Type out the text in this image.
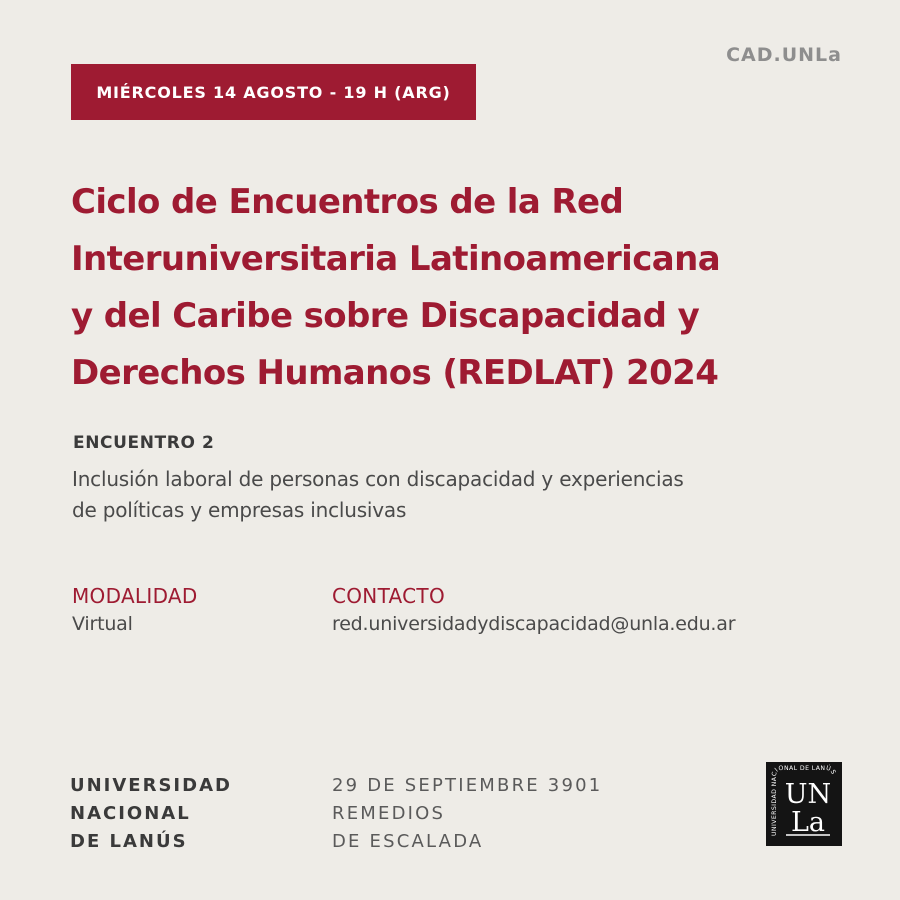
CAD.UNLa
MIÉRCOLES 14 AGOSTO - 19 H (ARG)
Ciclo de Encuentros de la Red
Interuniversitaria Latinoamericana
y del Caribe sobre Discapacidad y
Derechos Humanos (REDLAT) 2024
ENCUENTRO 2
Inclusión laboral de personas con discapacidad y experiencias
de políticas y empresas inclusivas
MODALIDAD
Virtual
CONTACTO
red.universidadydiscapacidad@unla.edu.ar
UNIVERSIDAD
NACIONAL
DE LANÚS
29 DE SEPTIEMBRE 3901
REMEDIOS
DE ESCALADA	UNIVERSIDAD NACIONAL DE LANÚS
UN
La
